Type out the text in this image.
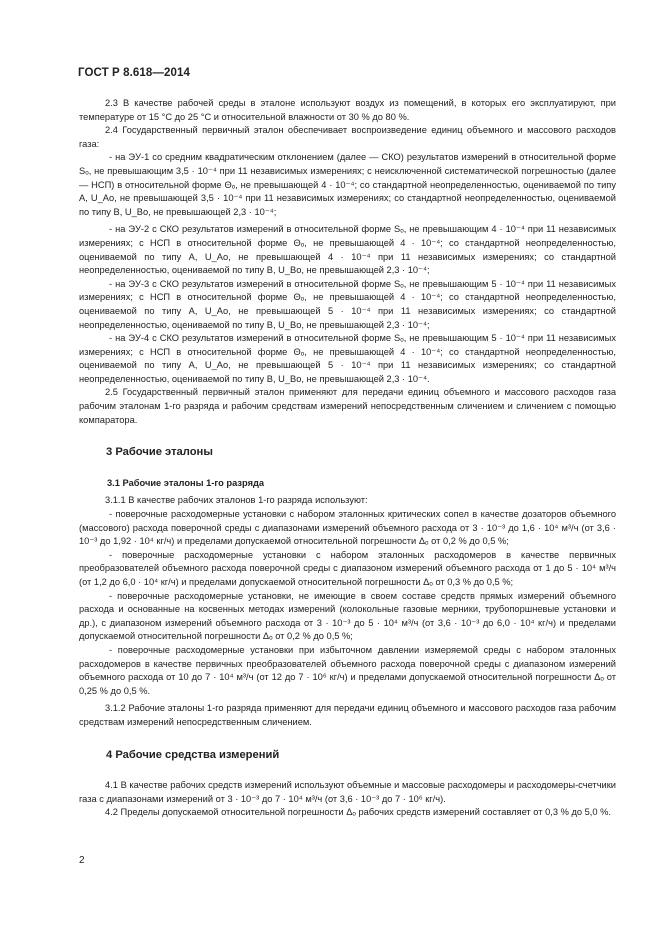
ГОСТ Р 8.618—2014

2.3 В качестве рабочей среды в эталоне используют воздух из помещений, в которых его эксплуатируют, при температуре от 15 °С до 25 °С и относительной влажности от 30 % до 80 %.

2.4 Государственный первичный эталон обеспечивает воспроизведение единиц объемного и массового расходов газа:

- на ЭУ-1 со средним квадратическим отклонением (далее — СКО) результатов измерений в относительной форме Sₒ, не превышающим 3,5 · 10⁻⁴ при 11 независимых измерениях; с неисключенной систематической погрешностью (далее — НСП) в относительной форме Θₒ, не превышающей 4 · 10⁻⁴; со стандартной неопределенностью, оцениваемой по типу А, U_Aо, не превышающей 3,5 · 10⁻⁴ при 11 независимых измерениях; со стандартной неопределенностью, оцениваемой по типу В, U_Bо, не превышающей 2,3 · 10⁻⁴;

- на ЭУ-2 с СКО результатов измерений в относительной форме Sₒ, не превышающим 4 · 10⁻⁴ при 11 независимых измерениях; с НСП в относительной форме Θₒ, не превышающей 4 · 10⁻⁴; со стандартной неопределенностью, оцениваемой по типу А, U_Aо, не превышающей 4 · 10⁻⁴ при 11 независимых измерениях; со стандартной неопределенностью, оцениваемой по типу В, U_Bо, не превышающей 2,3 · 10⁻⁴;

- на ЭУ-3 с СКО результатов измерений в относительной форме Sₒ, не превышающим 5 · 10⁻⁴ при 11 независимых измерениях; с НСП в относительной форме Θₒ, не превышающей 4 · 10⁻⁴; со стандартной неопределенностью, оцениваемой по типу А, U_Aо, не превышающей 5 · 10⁻⁴ при 11 независимых измерениях; со стандартной неопределенностью, оцениваемой по типу В, U_Bо, не превышающей 2,3 · 10⁻⁴;

- на ЭУ-4 с СКО результатов измерений в относительной форме Sₒ, не превышающим 5 · 10⁻⁴ при 11 независимых измерениях; с НСП в относительной форме Θₒ, не превышающей 4 · 10⁻⁴; со стандартной неопределенностью, оцениваемой по типу А, U_Aо, не превышающей 5 · 10⁻⁴ при 11 независимых измерениях; со стандартной неопределенностью, оцениваемой по типу В, U_Bо, не превышающей 2,3 · 10⁻⁴.

2.5 Государственный первичный эталон применяют для передачи единиц объемного и массового расходов газа рабочим эталонам 1-го разряда и рабочим средствам измерений непосредственным сличением и сличением с помощью компаратора.

3 Рабочие эталоны

3.1 Рабочие эталоны 1-го разряда

3.1.1 В качестве рабочих эталонов 1-го разряда используют:

- поверочные расходомерные установки с набором эталонных критических сопел в качестве дозаторов объемного (массового) расхода поверочной среды с диапазонами измерений объемного расхода от 3 · 10⁻³ до 1,6 · 10⁴ м³/ч (от 3,6 · 10⁻³ до 1,92 · 10⁴ кг/ч) и пределами допускаемой относительной погрешности Δₒ от 0,2 % до 0,5 %;

- поверочные расходомерные установки с набором эталонных расходомеров в качестве первичных преобразователей объемного расхода поверочной среды с диапазоном измерений объемного расхода от 1 до 5 · 10⁴ м³/ч (от 1,2 до 6,0 · 10⁴ кг/ч) и пределами допускаемой относительной погрешности Δₒ от 0,3 % до 0,5 %;

- поверочные расходомерные установки, не имеющие в своем составе средств прямых измерений объемного расхода и основанные на косвенных методах измерений (колокольные газовые мерники, трубопоршневые установки и др.), с диапазоном измерений объемного расхода от 3 · 10⁻³ до 5 · 10⁴ м³/ч (от 3,6 · 10⁻³ до 6,0 · 10⁴ кг/ч) и пределами допускаемой относительной погрешности Δₒ от 0,2 % до 0,5 %;

- поверочные расходомерные установки при избыточном давлении измеряемой среды с набором эталонных расходомеров в качестве первичных преобразователей объемного расхода поверочной среды с диапазоном измерений объемного расхода от 10 до 7 · 10⁴ м³/ч (от 12 до 7 · 10⁶ кг/ч) и пределами допускаемой относительной погрешности Δₒ от 0,25 % до 0,5 %.

3.1.2 Рабочие эталоны 1-го разряда применяют для передачи единиц объемного и массового расходов газа рабочим средствам измерений непосредственным сличением.

4 Рабочие средства измерений

4.1 В качестве рабочих средств измерений используют объемные и массовые расходомеры и расходомеры-счетчики газа с диапазонами измерений от 3 · 10⁻³ до 7 · 10⁴ м³/ч (от 3,6 · 10⁻³ до 7 · 10⁶ кг/ч).

4.2 Пределы допускаемой относительной погрешности Δₒ рабочих средств измерений составляет от 0,3 % до 5,0 %.

2
